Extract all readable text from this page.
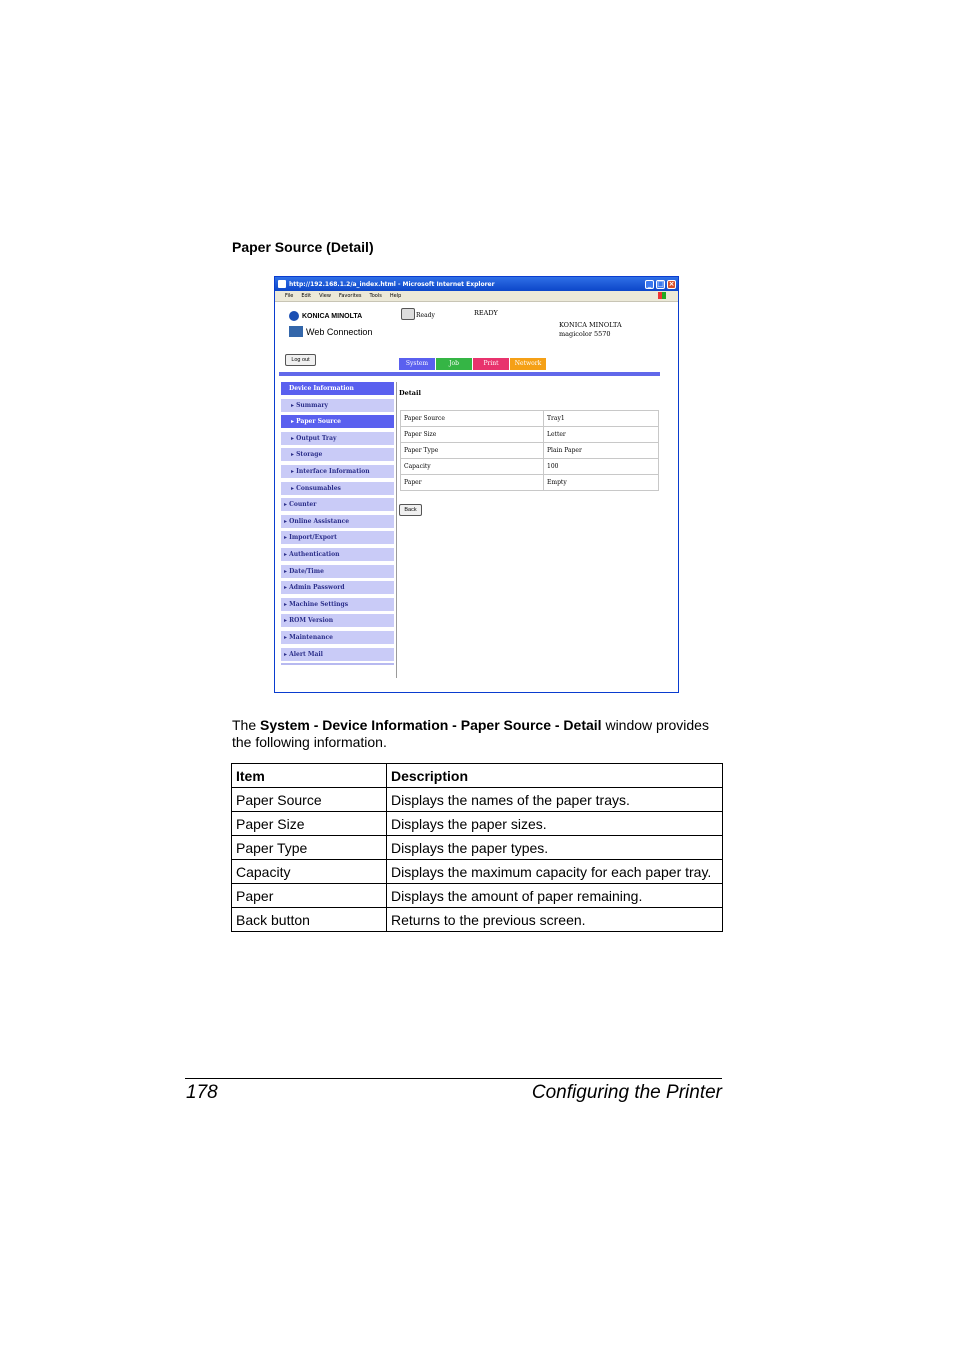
Paper Source (Detail)
http://192.168.1.2/a_index.html - Microsoft Internet Explorer	_ □ ×
File Edit View Favorites Tools Help
KONICA MINOLTA
Web Connection
Ready	READY
KONICA MINOLTA
magicolor 5570
Log out	System	Job	Print	Network
Device Information
▸ Summary
▸ Paper Source
▸ Output Tray
▸ Storage
▸ Interface Information
▸ Consumables
▸ Counter
▸ Online Assistance
▸ Import/Export
▸ Authentication
▸ Date/Time
▸ Admin Password
▸ Machine Settings
▸ ROM Version
▸ Maintenance
▸ Alert Mail
Detail
Paper Source	Tray1
Paper Size	Letter
Paper Type	Plain Paper
Capacity	100
Paper	Empty
Back
The System - Device Information - Paper Source - Detail window provides the following information.
Item	Description
Paper Source	Displays the names of the paper trays.
Paper Size	Displays the paper sizes.
Paper Type	Displays the paper types.
Capacity	Displays the maximum capacity for each paper tray.
Paper	Displays the amount of paper remaining.
Back button	Returns to the previous screen.
178	Configuring the Printer
